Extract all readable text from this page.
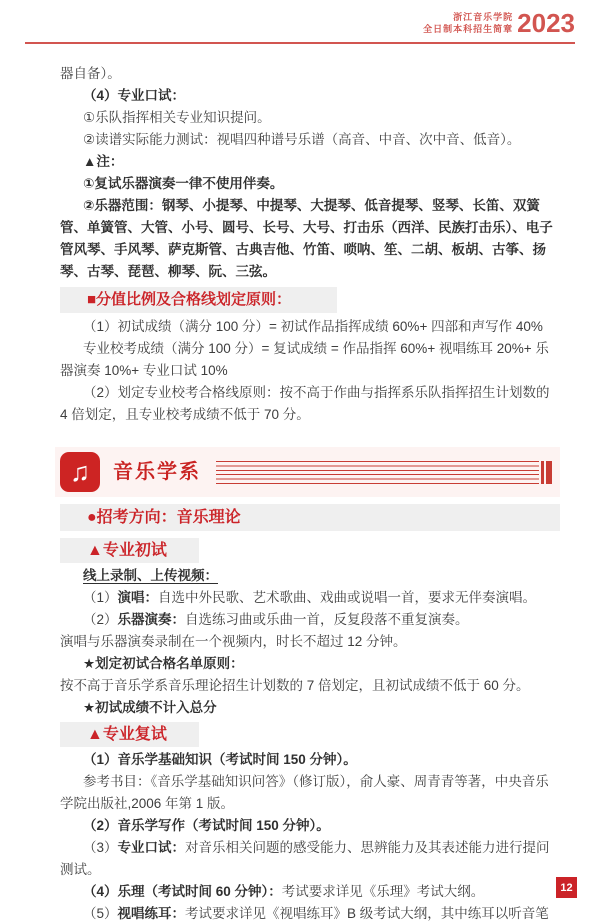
浙江音乐学院
全日制本科招生简章 2023

器自备）。

（4）专业口试：

①乐队指挥相关专业知识提问。

②读谱实际能力测试：视唱四种谱号乐谱（高音、中音、次中音、低音）。

▲注：

①复试乐器演奏一律不使用伴奏。

②乐器范围：钢琴、小提琴、中提琴、大提琴、低音提琴、竖琴、长笛、双簧管、单簧管、大管、小号、圆号、长号、大号、打击乐（西洋、民族打击乐）、电子管风琴、手风琴、萨克斯管、古典吉他、竹笛、唢呐、笙、二胡、板胡、古筝、扬琴、古琴、琵琶、柳琴、阮、三弦。

■分值比例及合格线划定原则：

（1）初试成绩（满分 100 分）= 初试作品指挥成绩 60%+ 四部和声写作 40%

专业校考成绩（满分 100 分）= 复试成绩 = 作品指挥 60%+ 视唱练耳 20%+ 乐器演奏 10%+ 专业口试 10%

（2）划定专业校考合格线原则：按不高于作曲与指挥系乐队指挥招生计划数的 4 倍划定，且专业校考成绩不低于 70 分。

♫	音乐学系
●招考方向：音乐理论
▲专业初试

线上录制、上传视频：

（1）演唱：自选中外民歌、艺术歌曲、戏曲或说唱一首，要求无伴奏演唱。

（2）乐器演奏：自选练习曲或乐曲一首，反复段落不重复演奏。

演唱与乐器演奏录制在一个视频内，时长不超过 12 分钟。

★划定初试合格名单原则：

按不高于音乐学系音乐理论招生计划数的 7 倍划定，且初试成绩不低于 60 分。

★初试成绩不计入总分

▲专业复试

（1）音乐学基础知识（考试时间 150 分钟）。

参考书目：《音乐学基础知识问答》（修订版），俞人豪、周青青等著，中央音乐学院出版社,2006 年第 1 版。

（2）音乐学写作（考试时间 150 分钟）。

（3）专业口试：对音乐相关问题的感受能力、思辨能力及其表述能力进行提问测试。

（4）乐理（考试时间 60 分钟）：考试要求详见《乐理》考试大纲。

（5）视唱练耳：考试要求详见《视唱练耳》B 级考试大纲，其中练耳以听音笔

12
